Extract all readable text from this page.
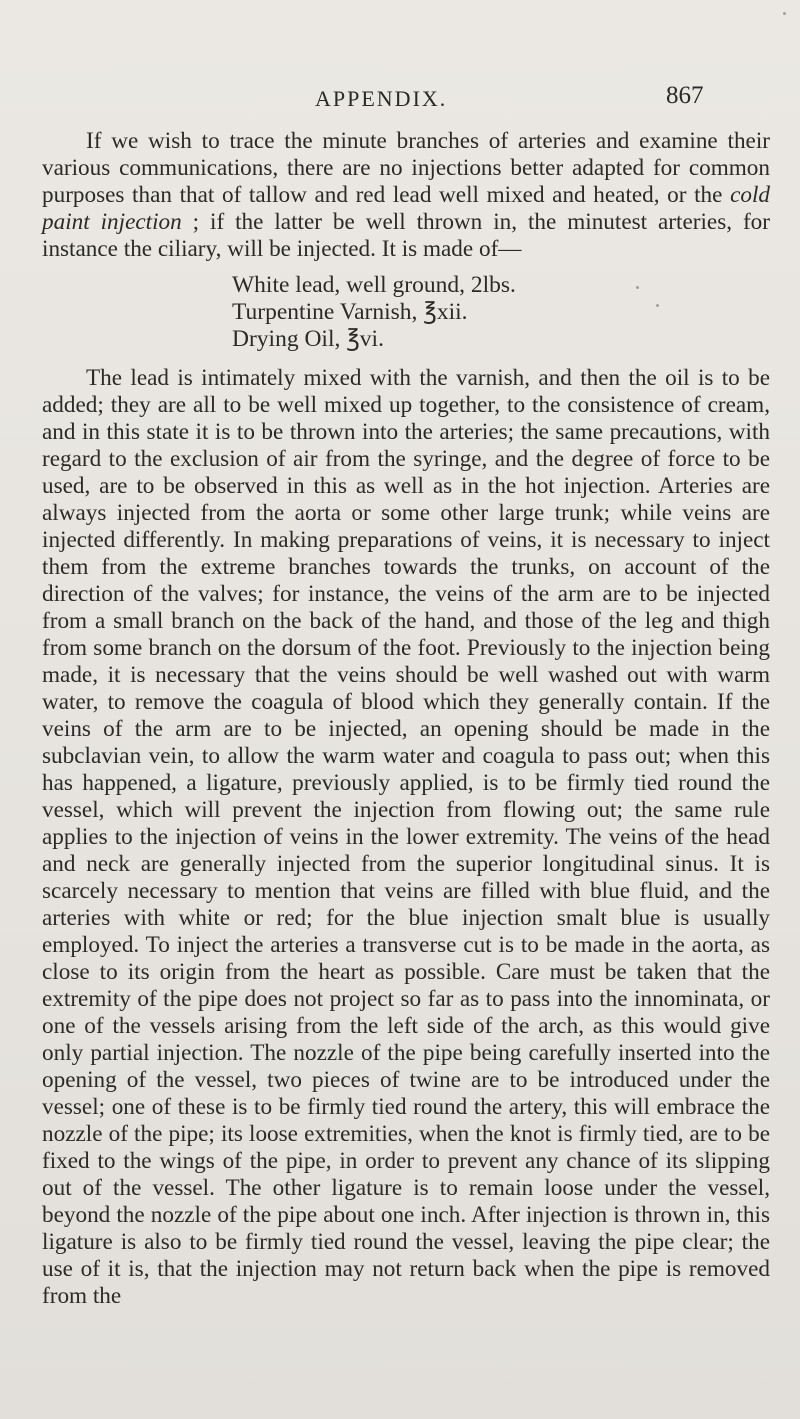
APPENDIX.	867

If we wish to trace the minute branches of arteries and examine their various communications, there are no injections better adapted for common purposes than that of tallow and red lead well mixed and heated, or the cold paint injection ; if the latter be well thrown in, the minutest arteries, for instance the ciliary, will be injected. It is made of—

White lead, well ground, 2lbs.
Turpentine Varnish, ℥xii.
Drying Oil, ℥vi.

The lead is intimately mixed with the varnish, and then the oil is to be added; they are all to be well mixed up together, to the consistence of cream, and in this state it is to be thrown into the arteries; the same precautions, with regard to the exclusion of air from the syringe, and the degree of force to be used, are to be observed in this as well as in the hot injection. Arteries are always injected from the aorta or some other large trunk; while veins are injected differently. In making preparations of veins, it is necessary to inject them from the extreme branches towards the trunks, on account of the direction of the valves; for instance, the veins of the arm are to be injected from a small branch on the back of the hand, and those of the leg and thigh from some branch on the dorsum of the foot. Previously to the injection being made, it is necessary that the veins should be well washed out with warm water, to remove the coagula of blood which they generally contain. If the veins of the arm are to be injected, an opening should be made in the subclavian vein, to allow the warm water and coagula to pass out; when this has happened, a ligature, previously applied, is to be firmly tied round the vessel, which will prevent the injection from flowing out; the same rule applies to the injection of veins in the lower extremity. The veins of the head and neck are generally injected from the superior longitudinal sinus. It is scarcely necessary to mention that veins are filled with blue fluid, and the arteries with white or red; for the blue injection smalt blue is usually employed. To inject the arteries a transverse cut is to be made in the aorta, as close to its origin from the heart as possible. Care must be taken that the extremity of the pipe does not project so far as to pass into the innominata, or one of the vessels arising from the left side of the arch, as this would give only partial injection. The nozzle of the pipe being carefully inserted into the opening of the vessel, two pieces of twine are to be introduced under the vessel; one of these is to be firmly tied round the artery, this will embrace the nozzle of the pipe; its loose extremities, when the knot is firmly tied, are to be fixed to the wings of the pipe, in order to prevent any chance of its slipping out of the vessel. The other ligature is to remain loose under the vessel, beyond the nozzle of the pipe about one inch. After injection is thrown in, this ligature is also to be firmly tied round the vessel, leaving the pipe clear; the use of it is, that the injection may not return back when the pipe is removed from the
